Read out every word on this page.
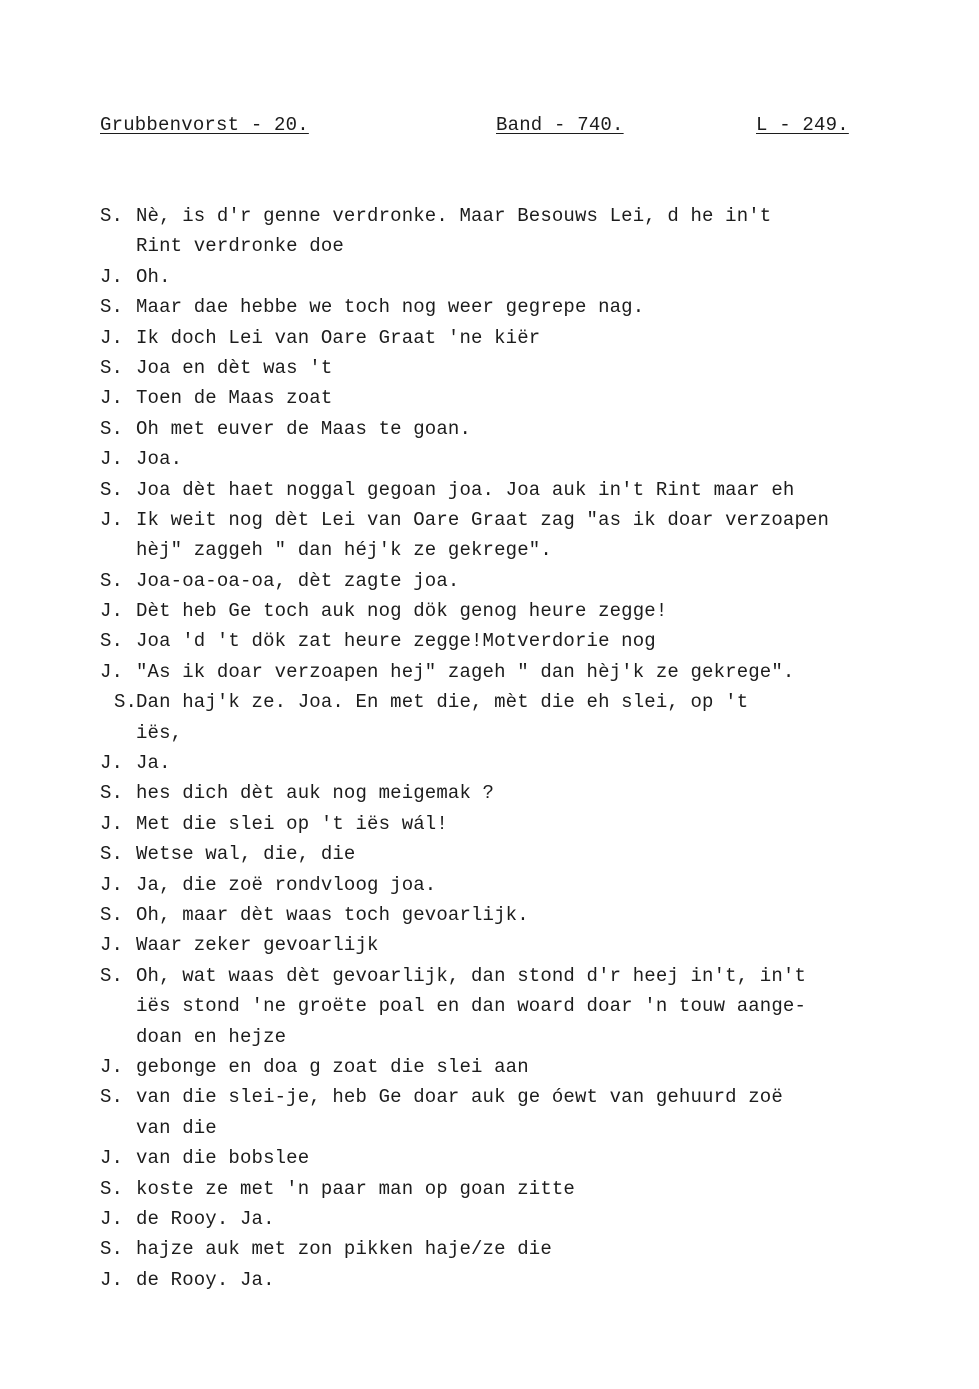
Grubbenvorst - 20.	Band - 740.	L - 249.
S. Nè, is d'r genne verdronke. Maar Besouws Lei, d he in't
Rint verdronke doe
J. Oh.
S. Maar dae hebbe we toch nog weer gegrepe nag.
J. Ik doch Lei van Oare Graat 'ne kiër
S. Joa en dèt was 't
J. Toen de Maas zoat
S. Oh met euver de Maas te goan.
J. Joa.
S. Joa dèt haet noggal gegoan joa. Joa auk in't Rint maar eh
J. Ik weit nog dèt Lei van Oare Graat zag "as ik doar verzoapen
hèj" zaggeh " dan héj'k ze gekrege".
S. Joa-oa-oa-oa, dèt zagte joa.
J. Dèt heb Ge toch auk nog dök genog heure zegge!
S. Joa 'd 't dök zat heure zegge!Motverdorie nog
J. "As ik doar verzoapen hej" zageh " dan hèj'k ze gekrege".
S.
Dan haj'k ze. Joa. En met die, mèt die eh slei, op 't
iës,
J. Ja.
S. hes dich dèt auk nog meigemak ?
J. Met die slei op 't iës wál!
S. Wetse wal, die, die
J. Ja, die zoë rondvloog joa.
S. Oh, maar dèt waas toch gevoarlijk.
J. Waar zeker gevoarlijk
S. Oh, wat waas dèt gevoarlijk, dan stond d'r heej in't, in't
iës stond 'ne groëte poal en dan woard doar 'n touw aange-
doan en hejze
J. gebonge en doa g zoat die slei aan
S. van die slei-je, heb Ge doar auk ge óewt van gehuurd zoë
van die
J. van die bobslee
S. koste ze met 'n paar man op goan zitte
J. de Rooy. Ja.
S. hajze auk met zon pikken haje/ze die
J. de Rooy. Ja.
